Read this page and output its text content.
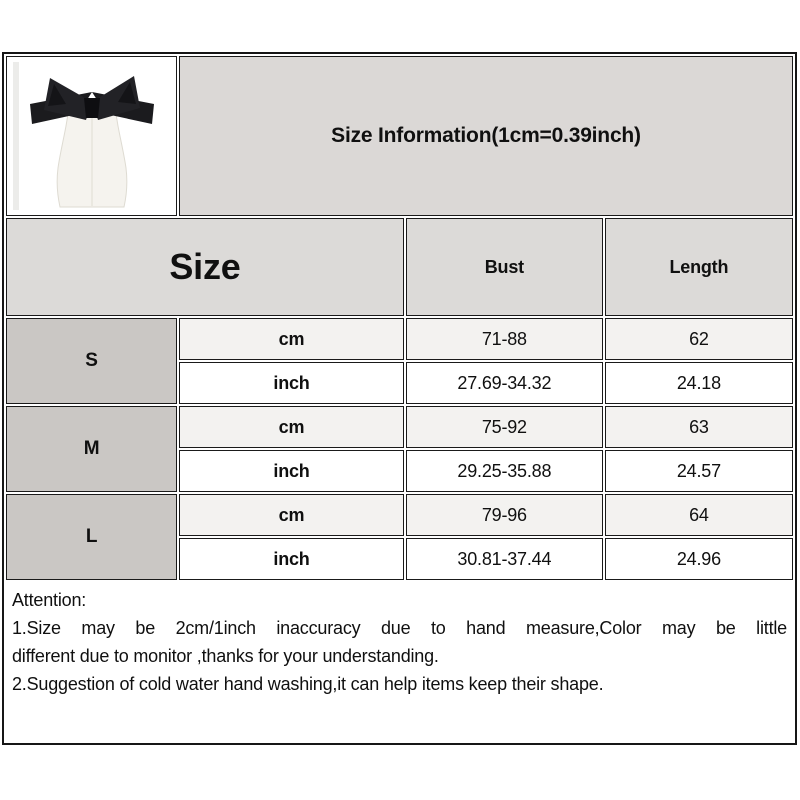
	Size Information(1cm=0.39inch)		
Size		Bust	Length
S	cm	71-88	62
	inch	27.69-34.32	24.18
M	cm	75-92	63
	inch	29.25-35.88	24.57
L	cm	79-96	64
	inch	30.81-37.44	24.96
Attention:
1.Size may be 2cm/1inch inaccuracy due to hand measure,Color may be little
different due to monitor ,thanks for your understanding.
2.Suggestion of cold water hand washing,it can help items keep their shape.
